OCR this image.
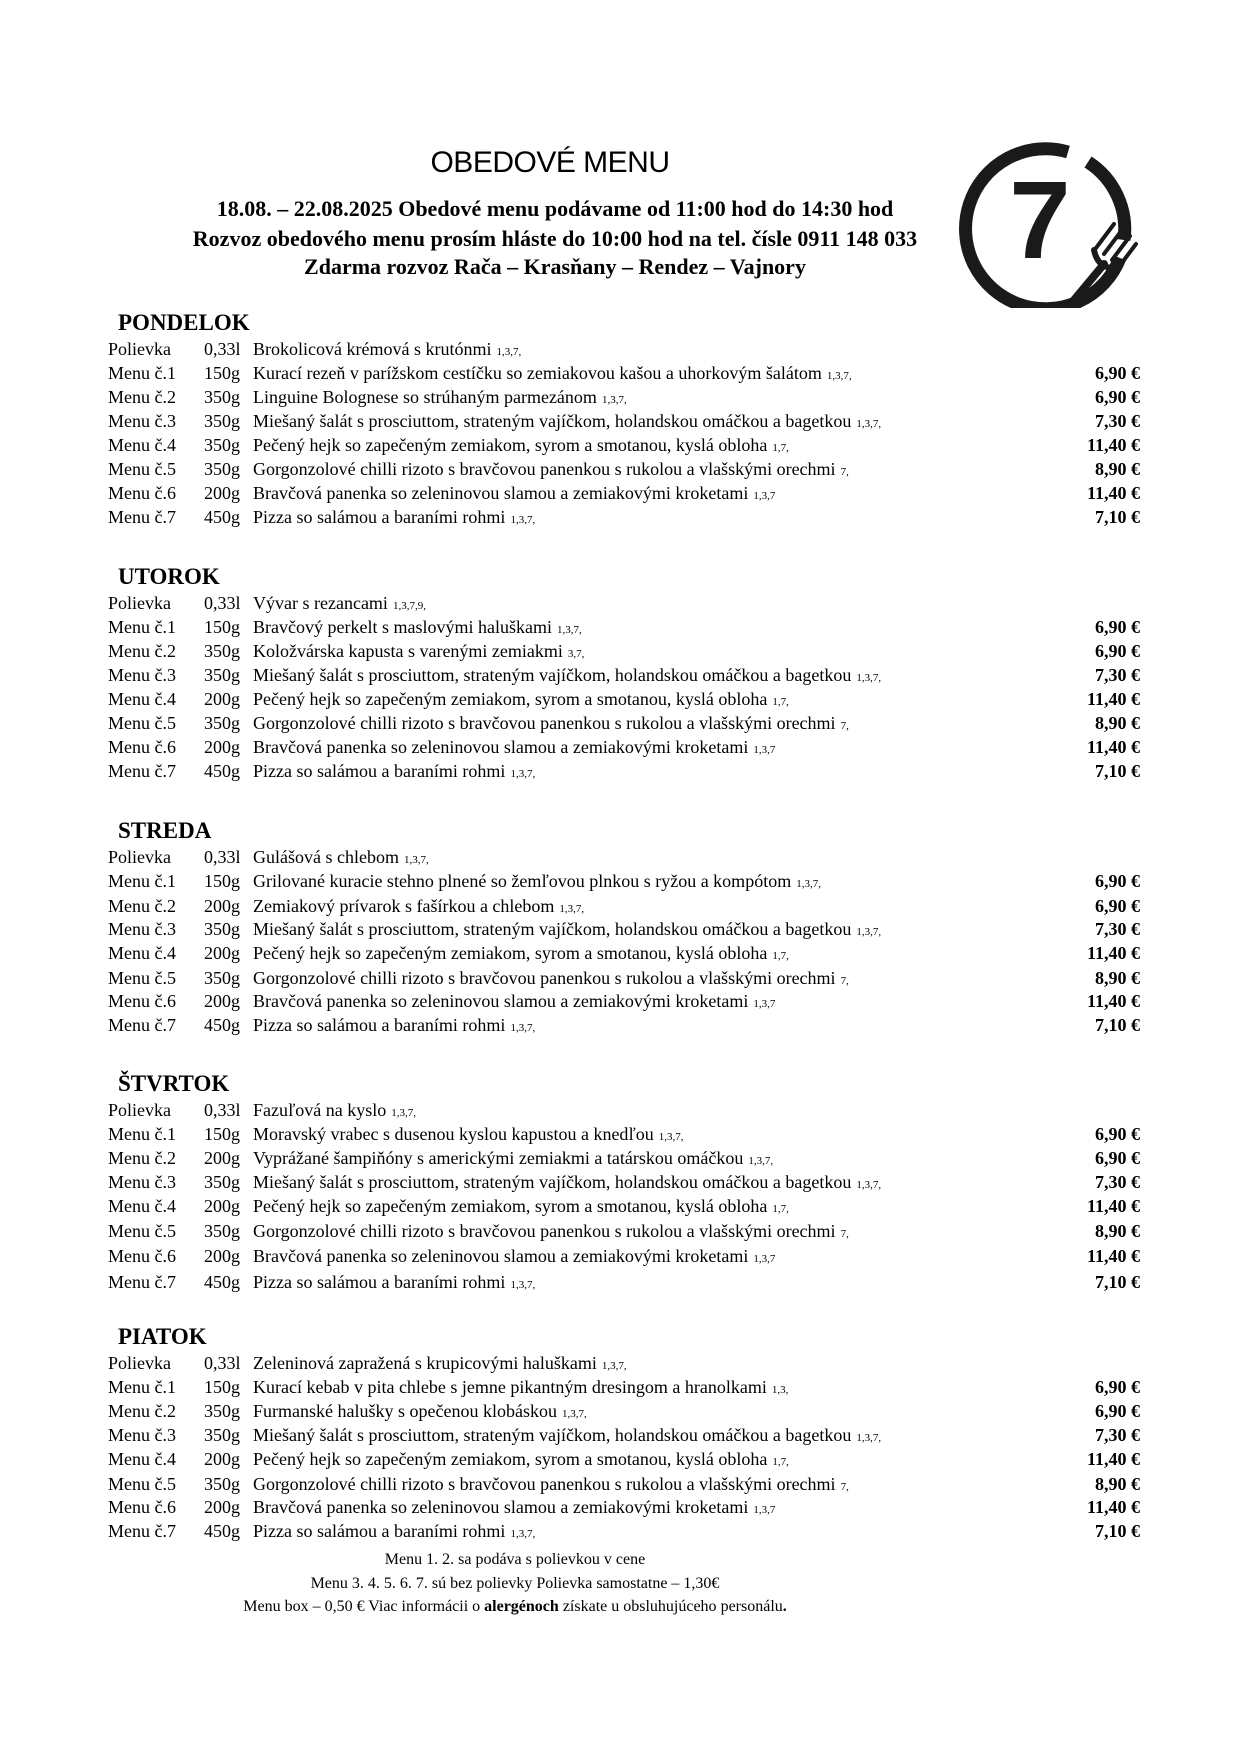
OBEDOVÉ MENU
18.08. – 22.08.2025 Obedové menu podávame od 11:00 hod do 14:30 hod
Rozvoz obedového menu prosím hláste do 10:00 hod na tel. čísle 0911 148 033
Zdarma rozvoz Rača – Krasňany – Rendez – Vajnory	7
PONDELOK
Polievka 0,33l Brokolicová krémová s krutónmi 1,3,7,
Menu č.1 150g Kurací rezeň v parížskom cestíčku so zemiakovou kašou a uhorkovým šalátom 1,3,7,	6,90 €
Menu č.2 350g Linguine Bolognese so strúhaným parmezánom 1,3,7,	6,90 €
Menu č.3 350g Miešaný šalát s prosciuttom, strateným vajíčkom, holandskou omáčkou a bagetkou 1,3,7,	7,30 €
Menu č.4 350g Pečený hejk so zapečeným zemiakom, syrom a smotanou, kyslá obloha 1,7,	11,40 €
Menu č.5 350g Gorgonzolové chilli rizoto s bravčovou panenkou s rukolou a vlašskými orechmi 7,	8,90 €
Menu č.6 200g Bravčová panenka so zeleninovou slamou a zemiakovými kroketami 1,3,7	11,40 €
Menu č.7 450g Pizza so salámou a baraními rohmi 1,3,7,	7,10 €
UTOROK
Polievka 0,33l Vývar s rezancami 1,3,7,9,
Menu č.1 150g Bravčový perkelt s maslovými haluškami 1,3,7,	6,90 €
Menu č.2 350g Koložvárska kapusta s varenými zemiakmi 3,7,	6,90 €
Menu č.3 350g Miešaný šalát s prosciuttom, strateným vajíčkom, holandskou omáčkou a bagetkou 1,3,7,	7,30 €
Menu č.4 200g Pečený hejk so zapečeným zemiakom, syrom a smotanou, kyslá obloha 1,7,	11,40 €
Menu č.5 350g Gorgonzolové chilli rizoto s bravčovou panenkou s rukolou a vlašskými orechmi 7,	8,90 €
Menu č.6 200g Bravčová panenka so zeleninovou slamou a zemiakovými kroketami 1,3,7	11,40 €
Menu č.7 450g Pizza so salámou a baraními rohmi 1,3,7,	7,10 €
STREDA
Polievka 0,33l Gulášová s chlebom 1,3,7,
Menu č.1 150g Grilované kuracie stehno plnené so žemľovou plnkou s ryžou a kompótom 1,3,7,	6,90 €
Menu č.2 200g Zemiakový prívarok s fašírkou a chlebom 1,3,7,	6,90 €
Menu č.3 350g Miešaný šalát s prosciuttom, strateným vajíčkom, holandskou omáčkou a bagetkou 1,3,7,	7,30 €
Menu č.4 200g Pečený hejk so zapečeným zemiakom, syrom a smotanou, kyslá obloha 1,7,	11,40 €
Menu č.5 350g Gorgonzolové chilli rizoto s bravčovou panenkou s rukolou a vlašskými orechmi 7,	8,90 €
Menu č.6 200g Bravčová panenka so zeleninovou slamou a zemiakovými kroketami 1,3,7	11,40 €
Menu č.7 450g Pizza so salámou a baraními rohmi 1,3,7,	7,10 €
ŠTVRTOK
Polievka 0,33l Fazuľová na kyslo 1,3,7,
Menu č.1 150g Moravský vrabec s dusenou kyslou kapustou a knedľou 1,3,7,	6,90 €
Menu č.2 200g Vyprážané šampiňóny s americkými zemiakmi a tatárskou omáčkou 1,3,7,	6,90 €
Menu č.3 350g Miešaný šalát s prosciuttom, strateným vajíčkom, holandskou omáčkou a bagetkou 1,3,7,	7,30 €
Menu č.4 200g Pečený hejk so zapečeným zemiakom, syrom a smotanou, kyslá obloha 1,7,	11,40 €
Menu č.5 350g Gorgonzolové chilli rizoto s bravčovou panenkou s rukolou a vlašskými orechmi 7,	8,90 €
Menu č.6 200g Bravčová panenka so zeleninovou slamou a zemiakovými kroketami 1,3,7	11,40 €
Menu č.7 450g Pizza so salámou a baraními rohmi 1,3,7,	7,10 €
PIATOK
Polievka 0,33l Zeleninová zapražená s krupicovými haluškami 1,3,7,
Menu č.1 150g Kurací kebab v pita chlebe s jemne pikantným dresingom a hranolkami 1,3,	6,90 €
Menu č.2 350g Furmanské halušky s opečenou klobáskou 1,3,7,	6,90 €
Menu č.3 350g Miešaný šalát s prosciuttom, strateným vajíčkom, holandskou omáčkou a bagetkou 1,3,7,	7,30 €
Menu č.4 200g Pečený hejk so zapečeným zemiakom, syrom a smotanou, kyslá obloha 1,7,	11,40 €
Menu č.5 350g Gorgonzolové chilli rizoto s bravčovou panenkou s rukolou a vlašskými orechmi 7,	8,90 €
Menu č.6 200g Bravčová panenka so zeleninovou slamou a zemiakovými kroketami 1,3,7	11,40 €
Menu č.7 450g Pizza so salámou a baraními rohmi 1,3,7,	7,10 €
Menu 1. 2. sa podáva s polievkou v cene
Menu 3. 4. 5. 6. 7. sú bez polievky Polievka samostatne – 1,30€
Menu box – 0,50 € Viac informácii o alergénoch získate u obsluhujúceho personálu.
